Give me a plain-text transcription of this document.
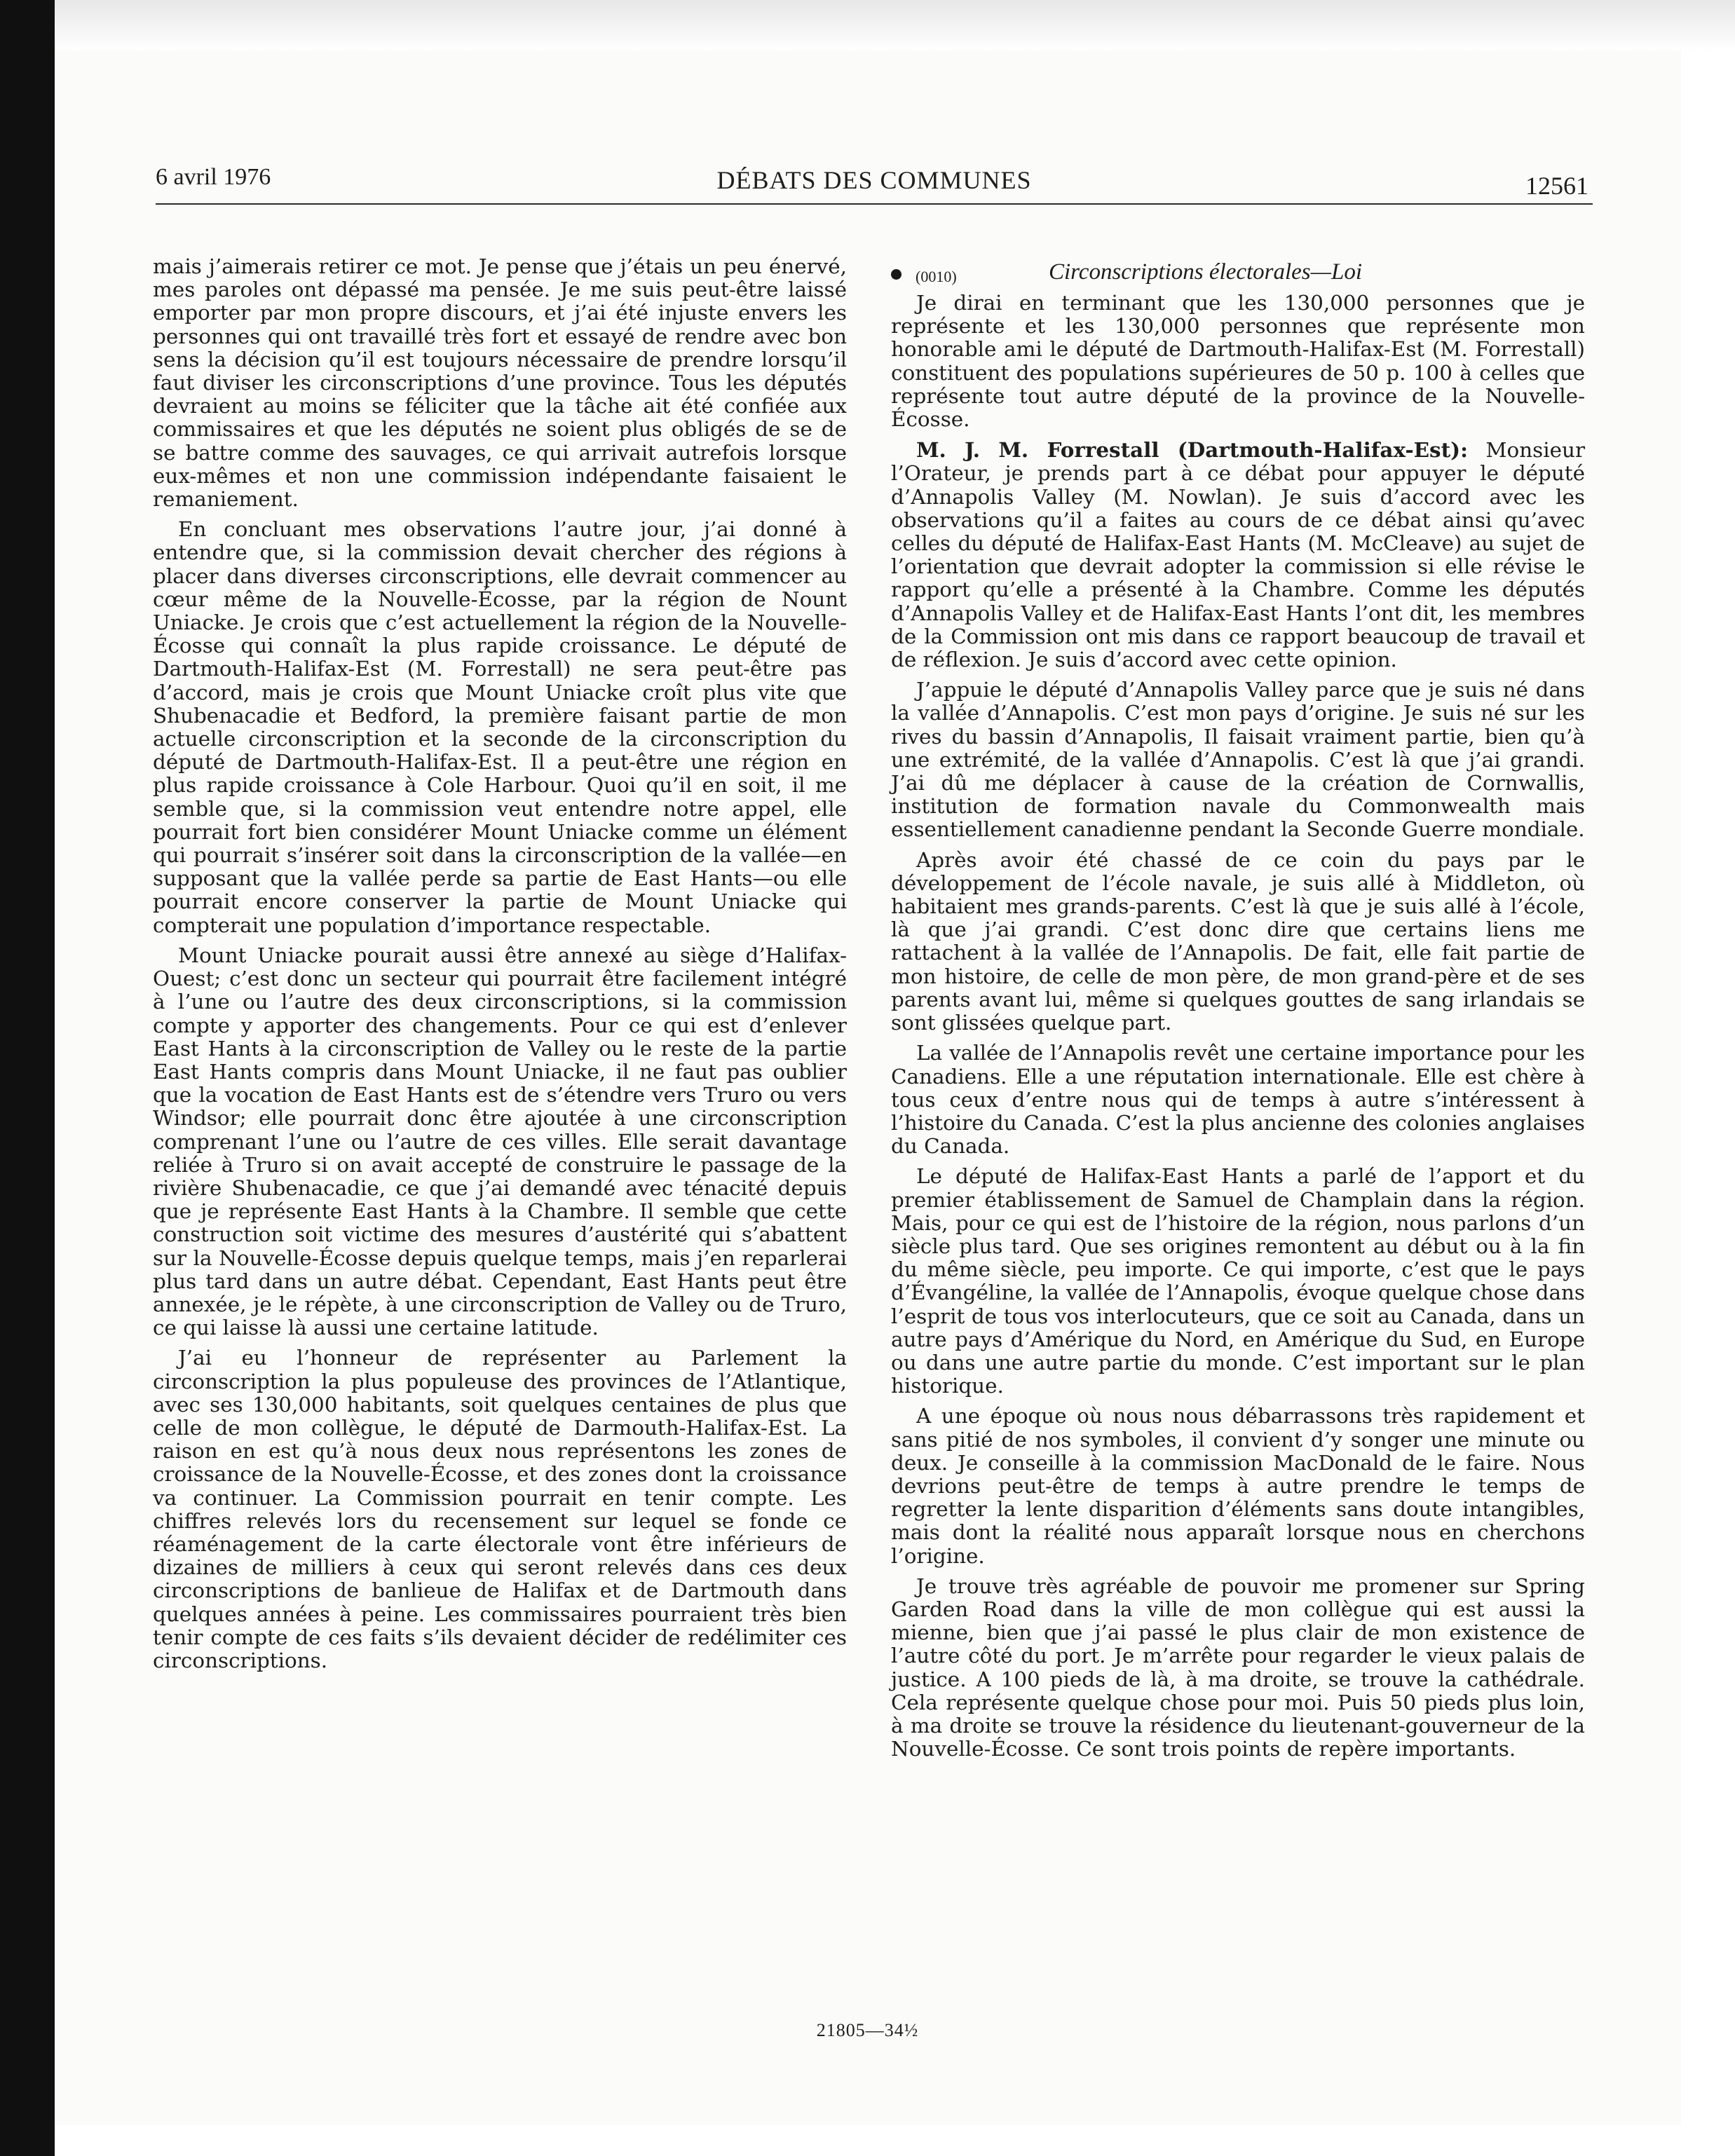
6 avril 1976	DÉBATS DES COMMUNES	12561

mais j’aimerais retirer ce mot. Je pense que j’étais un peu énervé, mes paroles ont dépassé ma pensée. Je me suis peut-être laissé emporter par mon propre discours, et j’ai été injuste envers les personnes qui ont travaillé très fort et essayé de rendre avec bon sens la décision qu’il est toujours nécessaire de prendre lorsqu’il faut diviser les circonscriptions d’une province. Tous les députés devraient au moins se féliciter que la tâche ait été confiée aux commissaires et que les députés ne soient plus obligés de se de se battre comme des sauvages, ce qui arrivait autrefois lorsque eux-mêmes et non une commission indépendante faisaient le remaniement.

En concluant mes observations l’autre jour, j’ai donné à entendre que, si la commission devait chercher des régions à placer dans diverses circonscriptions, elle devrait commencer au cœur même de la Nouvelle-Écosse, par la région de Nount Uniacke. Je crois que c’est actuellement la région de la Nouvelle-Écosse qui connaît la plus rapide croissance. Le député de Dartmouth-Halifax-Est (M. Forrestall) ne sera peut-être pas d’accord, mais je crois que Mount Uniacke croît plus vite que Shubenacadie et Bedford, la première faisant partie de mon actuelle circonscription et la seconde de la circonscription du député de Dartmouth-Halifax-Est. Il a peut-être une région en plus rapide croissance à Cole Harbour. Quoi qu’il en soit, il me semble que, si la commission veut entendre notre appel, elle pourrait fort bien considérer Mount Uniacke comme un élément qui pourrait s’insérer soit dans la circonscription de la vallée—en supposant que la vallée perde sa partie de East Hants—ou elle pourrait encore conserver la partie de Mount Uniacke qui compterait une population d’importance respectable.

Mount Uniacke pourait aussi être annexé au siège d’Halifax-Ouest; c’est donc un secteur qui pourrait être facilement intégré à l’une ou l’autre des deux circonscriptions, si la commission compte y apporter des changements. Pour ce qui est d’enlever East Hants à la circonscription de Valley ou le reste de la partie East Hants compris dans Mount Uniacke, il ne faut pas oublier que la vocation de East Hants est de s’étendre vers Truro ou vers Windsor; elle pourrait donc être ajoutée à une circonscription comprenant l’une ou l’autre de ces villes. Elle serait davantage reliée à Truro si on avait accepté de construire le passage de la rivière Shubenacadie, ce que j’ai demandé avec ténacité depuis que je représente East Hants à la Chambre. Il semble que cette construction soit victime des mesures d’austérité qui s’abattent sur la Nouvelle-Écosse depuis quelque temps, mais j’en reparlerai plus tard dans un autre débat. Cependant, East Hants peut être annexée, je le répète, à une circonscription de Valley ou de Truro, ce qui laisse là aussi une certaine latitude.

J’ai eu l’honneur de représenter au Parlement la circonscription la plus populeuse des provinces de l’Atlantique, avec ses 130,000 habitants, soit quelques centaines de plus que celle de mon collègue, le député de Darmouth-Halifax-Est. La raison en est qu’à nous deux nous représentons les zones de croissance de la Nouvelle-Écosse, et des zones dont la croissance va continuer. La Commission pourrait en tenir compte. Les chiffres relevés lors du recensement sur lequel se fonde ce réaménagement de la carte électorale vont être inférieurs de dizaines de milliers à ceux qui seront relevés dans ces deux circonscriptions de banlieue de Halifax et de Dartmouth dans quelques années à peine. Les commissaires pourraient très bien tenir compte de ces faits s’ils devaient décider de redélimiter ces circonscriptions.

(0010)	Circonscriptions électorales—Loi

Je dirai en terminant que les 130,000 personnes que je représente et les 130,000 personnes que représente mon honorable ami le député de Dartmouth-Halifax-Est (M. Forrestall) constituent des populations supérieures de 50 p. 100 à celles que représente tout autre député de la province de la Nouvelle-Écosse.

M. J. M. Forrestall (Dartmouth-Halifax-Est): Monsieur l’Orateur, je prends part à ce débat pour appuyer le député d’Annapolis Valley (M. Nowlan). Je suis d’accord avec les observations qu’il a faites au cours de ce débat ainsi qu’avec celles du député de Halifax-East Hants (M. McCleave) au sujet de l’orientation que devrait adopter la commission si elle révise le rapport qu’elle a présenté à la Chambre. Comme les députés d’Annapolis Valley et de Halifax-East Hants l’ont dit, les membres de la Commission ont mis dans ce rapport beaucoup de travail et de réflexion. Je suis d’accord avec cette opinion.

J’appuie le député d’Annapolis Valley parce que je suis né dans la vallée d’Annapolis. C’est mon pays d’origine. Je suis né sur les rives du bassin d’Annapolis, Il faisait vraiment partie, bien qu’à une extrémité, de la vallée d’Annapolis. C’est là que j’ai grandi. J’ai dû me déplacer à cause de la création de Cornwallis, institution de formation navale du Commonwealth mais essentiellement canadienne pendant la Seconde Guerre mondiale.

Après avoir été chassé de ce coin du pays par le développement de l’école navale, je suis allé à Middleton, où habitaient mes grands-parents. C’est là que je suis allé à l’école, là que j’ai grandi. C’est donc dire que certains liens me rattachent à la vallée de l’Annapolis. De fait, elle fait partie de mon histoire, de celle de mon père, de mon grand-père et de ses parents avant lui, même si quelques gouttes de sang irlandais se sont glissées quelque part.

La vallée de l’Annapolis revêt une certaine importance pour les Canadiens. Elle a une réputation internationale. Elle est chère à tous ceux d’entre nous qui de temps à autre s’intéressent à l’histoire du Canada. C’est la plus ancienne des colonies anglaises du Canada.

Le député de Halifax-East Hants a parlé de l’apport et du premier établissement de Samuel de Champlain dans la région. Mais, pour ce qui est de l’histoire de la région, nous parlons d’un siècle plus tard. Que ses origines remontent au début ou à la fin du même siècle, peu importe. Ce qui importe, c’est que le pays d’Évangéline, la vallée de l’Annapolis, évoque quelque chose dans l’esprit de tous vos interlocuteurs, que ce soit au Canada, dans un autre pays d’Amérique du Nord, en Amérique du Sud, en Europe ou dans une autre partie du monde. C’est important sur le plan historique.

A une époque où nous nous débarrassons très rapidement et sans pitié de nos symboles, il convient d’y songer une minute ou deux. Je conseille à la commission MacDonald de le faire. Nous devrions peut-être de temps à autre prendre le temps de regretter la lente disparition d’éléments sans doute intangibles, mais dont la réalité nous apparaît lorsque nous en cherchons l’origine.

Je trouve très agréable de pouvoir me promener sur Spring Garden Road dans la ville de mon collègue qui est aussi la mienne, bien que j’ai passé le plus clair de mon existence de l’autre côté du port. Je m’arrête pour regarder le vieux palais de justice. A 100 pieds de là, à ma droite, se trouve la cathédrale. Cela représente quelque chose pour moi. Puis 50 pieds plus loin, à ma droite se trouve la résidence du lieutenant-gouverneur de la Nouvelle-Écosse. Ce sont trois points de repère importants.

21805—34½
